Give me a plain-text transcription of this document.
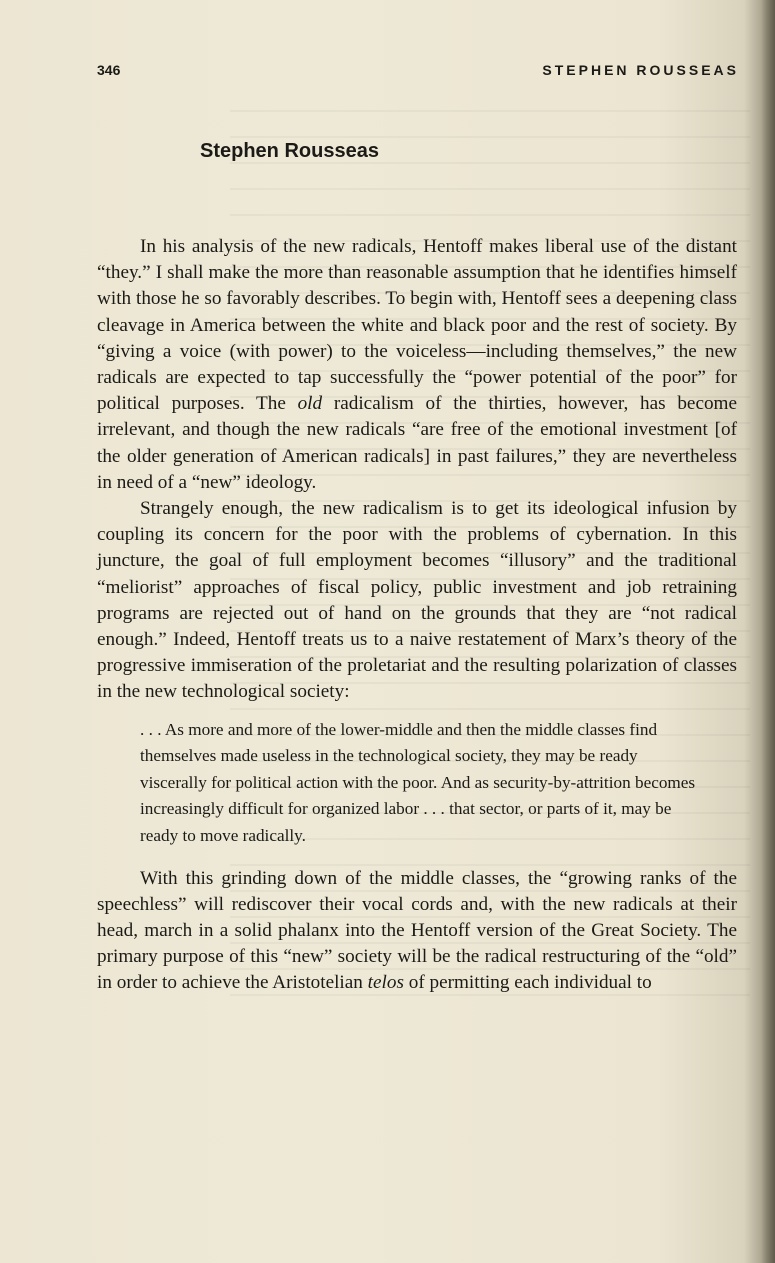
346	STEPHEN ROUSSEAS
Stephen Rousseas

In his analysis of the new radicals, Hentoff makes liberal use of the distant “they.” I shall make the more than reasonable assumption that he identifies himself with those he so favorably describes. To begin with, Hentoff sees a deepening class cleavage in America between the white and black poor and the rest of society. By “giving a voice (with power) to the voiceless—including themselves,” the new radicals are expected to tap successfully the “power potential of the poor” for political purposes. The old radicalism of the thirties, however, has become irrelevant, and though the new radicals “are free of the emotional investment [of the older generation of American radicals] in past failures,” they are nevertheless in need of a “new” ideology.

Strangely enough, the new radicalism is to get its ideological infusion by coupling its concern for the poor with the problems of cybernation. In this juncture, the goal of full employment becomes “illusory” and the traditional “meliorist” approaches of fiscal policy, public investment and job retraining programs are rejected out of hand on the grounds that they are “not radical enough.” Indeed, Hentoff treats us to a naive restatement of Marx’s theory of the progressive immiseration of the proletariat and the resulting polarization of classes in the new technological society:

. . . As more and more of the lower-middle and then the middle classes find themselves made useless in the technological society, they may be ready viscerally for political action with the poor. And as security-by-attrition becomes increasingly difficult for organized labor . . . that sector, or parts of it, may be ready to move radically.

With this grinding down of the middle classes, the “growing ranks of the speechless” will rediscover their vocal cords and, with the new radicals at their head, march in a solid phalanx into the Hentoff version of the Great Society. The primary purpose of this “new” society will be the radical restructuring of the “old” in order to achieve the Aristotelian telos of permitting each individual to
